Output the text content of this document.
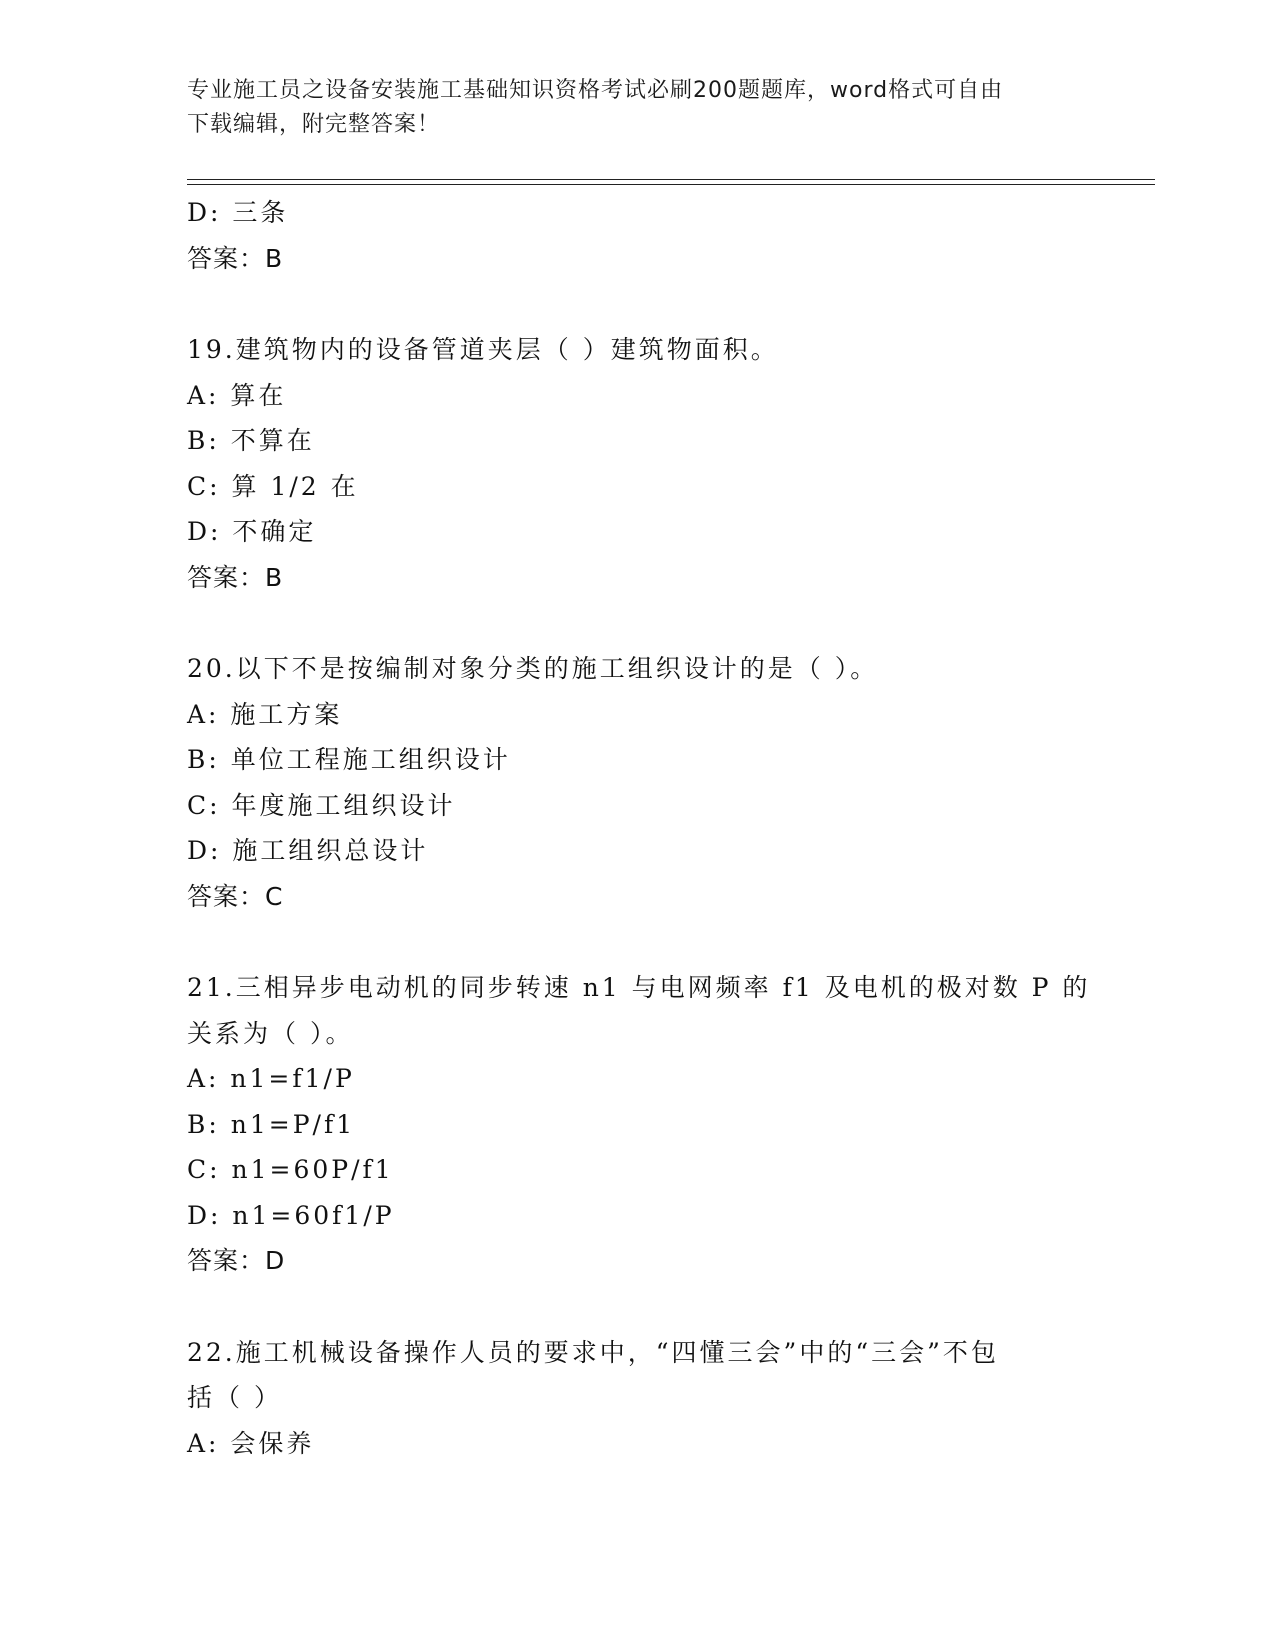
专业施工员之设备安装施工基础知识资格考试必刷200题题库，word格式可自由
下载编辑，附完整答案！
D: 三条
答案：B
19.建筑物内的设备管道夹层（ ）建筑物面积。
A: 算在
B: 不算在
C: 算 1/2 在
D: 不确定
答案：B
20.以下不是按编制对象分类的施工组织设计的是（ ）。
A: 施工方案
B: 单位工程施工组织设计
C: 年度施工组织设计
D: 施工组织总设计
答案：C
21.三相异步电动机的同步转速 n1 与电网频率 f1 及电机的极对数 P 的
关系为（ ）。
A: n1=f1/P
B: n1=P/f1
C: n1=60P/f1
D: n1=60f1/P
答案：D
22.施工机械设备操作人员的要求中，“四懂三会”中的“三会”不包
括（ ）
A: 会保养
